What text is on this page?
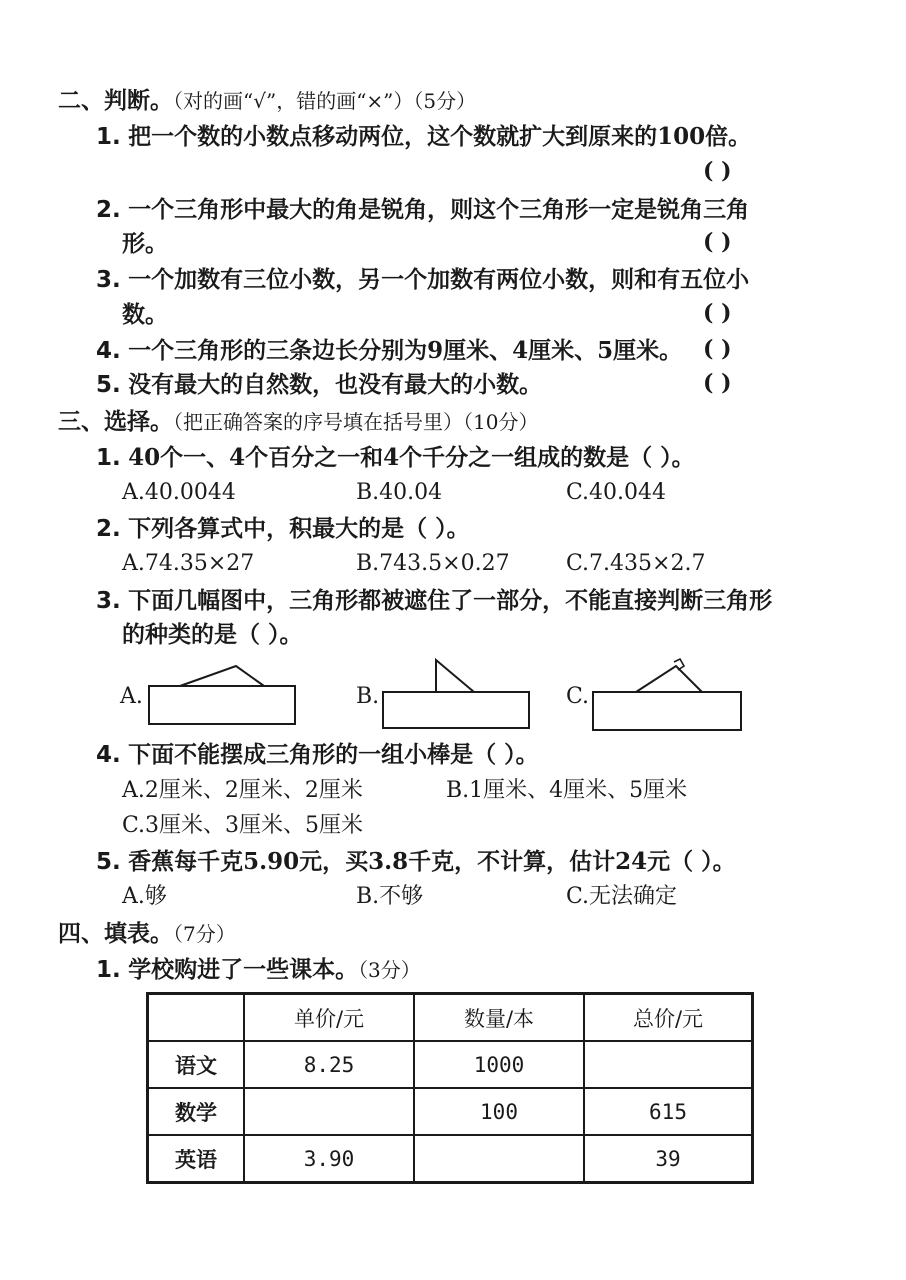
二、判断。（对的画“√”，错的画“×”）（5分）
1. 把一个数的小数点移动两位，这个数就扩大到原来的100倍。
( )
2. 一个三角形中最大的角是锐角，则这个三角形一定是锐角三角
形。	( )
3. 一个加数有三位小数，另一个加数有两位小数，则和有五位小
数。	( )
4. 一个三角形的三条边长分别为9厘米、4厘米、5厘米。 ( )
5. 没有最大的自然数，也没有最大的小数。	( )
三、选择。（把正确答案的序号填在括号里）（10分）
1. 40个一、4个百分之一和4个千分之一组成的数是（ ）。
A.40.0044	B.40.04	C.40.044
2. 下列各算式中，积最大的是（ ）。
A.74.35×27	B.743.5×0.27	C.7.435×2.7
3. 下面几幅图中，三角形都被遮住了一部分，不能直接判断三角形
的种类的是（ ）。
A.	B.	C.
4. 下面不能摆成三角形的一组小棒是（ ）。
A.2厘米、2厘米、2厘米	B.1厘米、4厘米、5厘米
C.3厘米、3厘米、5厘米
5. 香蕉每千克5.90元，买3.8千克，不计算，估计24元（ ）。
A.够	B.不够	C.无法确定
四、填表。（7分）
1. 学校购进了一些课本。（3分）
	单价/元	数量/本	总价/元
语文	8.25	1000	
数学		100	615
英语	3.90		39
